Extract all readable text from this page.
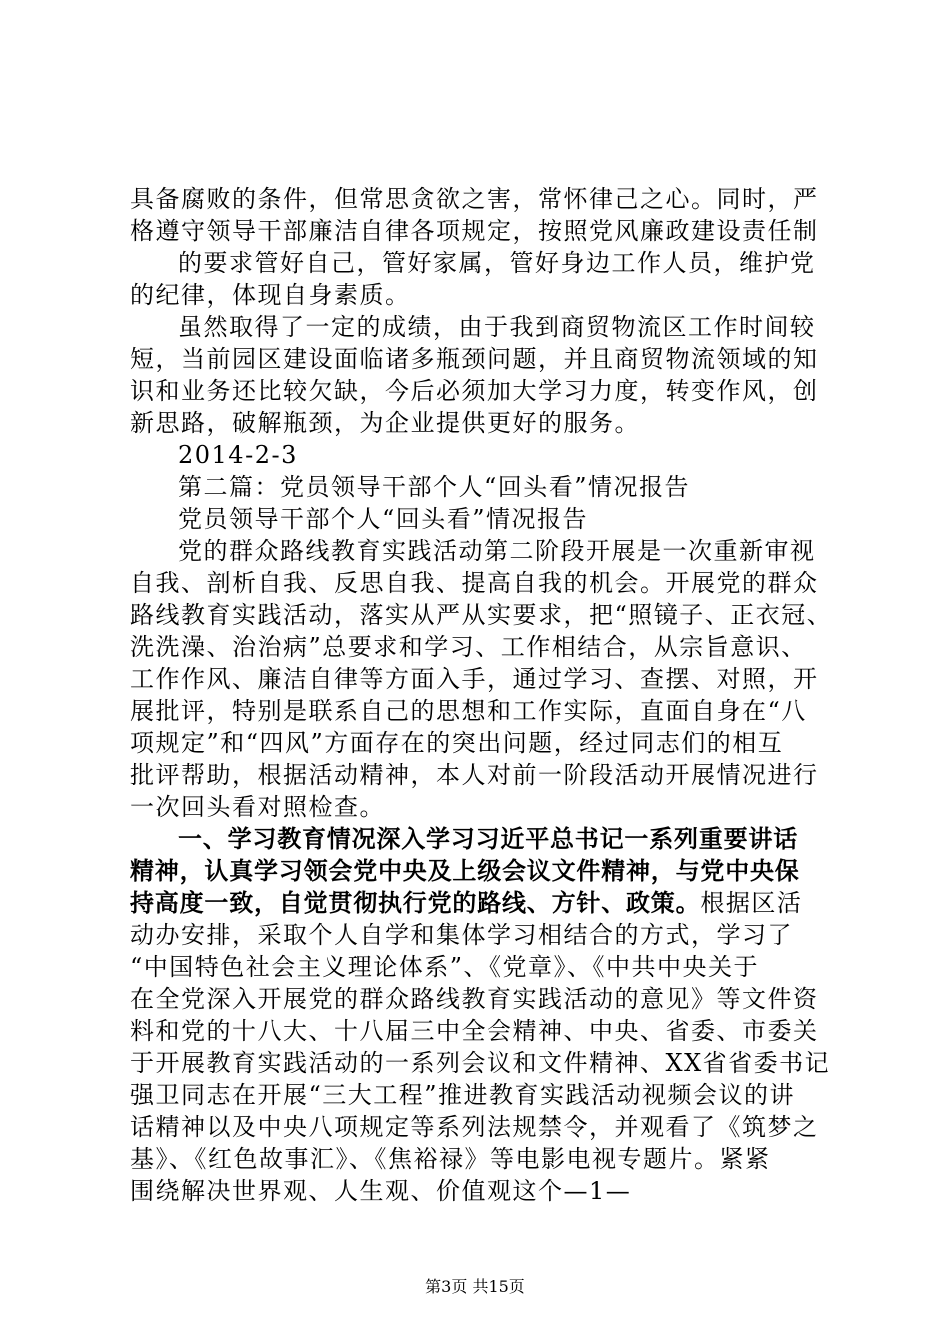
具备腐败的条件，但常思贪欲之害，常怀律己之心。同时，严
格遵守领导干部廉洁自律各项规定，按照党风廉政建设责任制
的要求管好自己，管好家属，管好身边工作人员，维护党
的纪律，体现自身素质。
虽然取得了一定的成绩，由于我到商贸物流区工作时间较
短，当前园区建设面临诸多瓶颈问题，并且商贸物流领域的知
识和业务还比较欠缺，今后必须加大学习力度，转变作风，创
新思路，破解瓶颈，为企业提供更好的服务。
2014-2-3
第二篇：党员领导干部个人“回头看”情况报告
党员领导干部个人“回头看”情况报告
党的群众路线教育实践活动第二阶段开展是一次重新审视
自我、剖析自我、反思自我、提高自我的机会。开展党的群众
路线教育实践活动，落实从严从实要求，把“照镜子、正衣冠、
洗洗澡、治治病”总要求和学习、工作相结合，从宗旨意识、
工作作风、廉洁自律等方面入手，通过学习、查摆、对照，开
展批评，特别是联系自己的思想和工作实际，直面自身在“八
项规定”和“四风”方面存在的突出问题，经过同志们的相互
批评帮助，根据活动精神，本人对前一阶段活动开展情况进行
一次回头看对照检查。
一、学习教育情况深入学习习近平总书记一系列重要讲话
精神，认真学习领会党中央及上级会议文件精神，与党中央保
持高度一致，自觉贯彻执行党的路线、方针、政策。根据区活
动办安排，采取个人自学和集体学习相结合的方式，学习了
“中国特色社会主义理论体系”、《党章》、《中共中央关于
在全党深入开展党的群众路线教育实践活动的意见》等文件资
料和党的十八大、十八届三中全会精神、中央、省委、市委关
于开展教育实践活动的一系列会议和文件精神、XX省省委书记
强卫同志在开展“三大工程”推进教育实践活动视频会议的讲
话精神以及中央八项规定等系列法规禁令，并观看了《筑梦之
基》、《红色故事汇》、《焦裕禄》等电影电视专题片。紧紧
围绕解决世界观、人生观、价值观这个—1—
第3页 共15页
